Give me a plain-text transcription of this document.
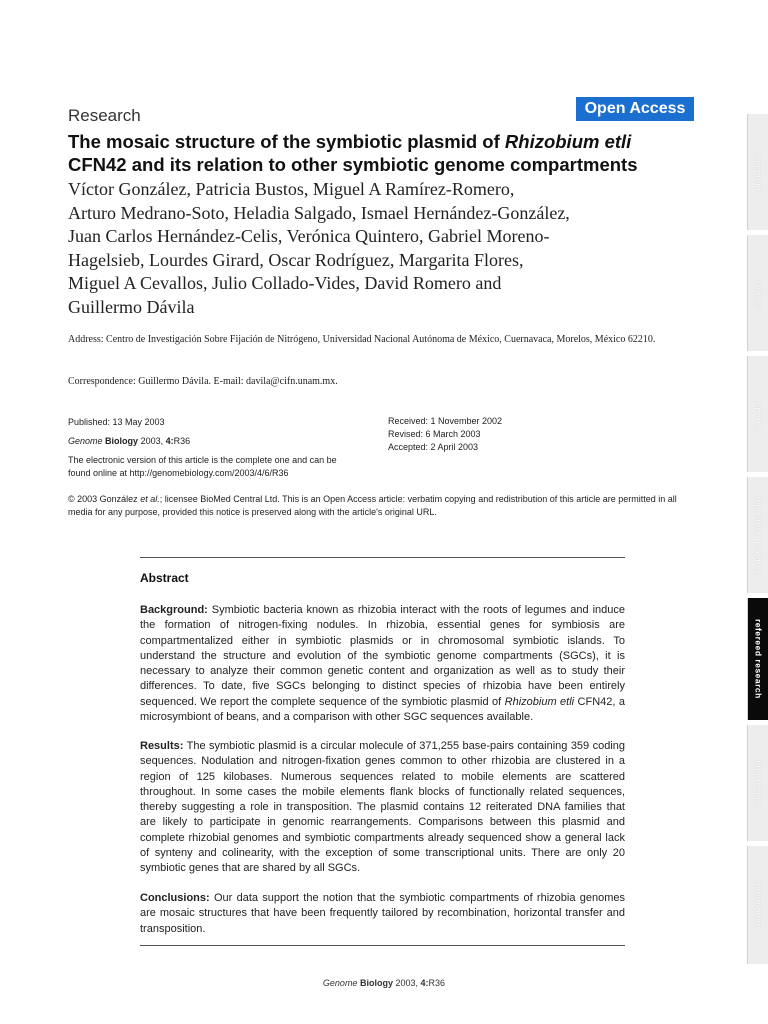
Research	Open Access
The mosaic structure of the symbiotic plasmid of Rhizobium etli
CFN42 and its relation to other symbiotic genome compartments
Víctor González, Patricia Bustos, Miguel A Ramírez-Romero,
Arturo Medrano-Soto, Heladia Salgado, Ismael Hernández-González,
Juan Carlos Hernández-Celis, Verónica Quintero, Gabriel Moreno-
Hagelsieb, Lourdes Girard, Oscar Rodríguez, Margarita Flores,
Miguel A Cevallos, Julio Collado-Vides, David Romero and
Guillermo Dávila
Address: Centro de Investigación Sobre Fijación de Nitrógeno, Universidad Nacional Autónoma de México, Cuernavaca, Morelos, México 62210.
Correspondence: Guillermo Dávila. E-mail: davila@cifn.unam.mx.
Published: 13 May 2003
Genome Biology 2003, 4:R36
The electronic version of this article is the complete one and can be
found online at http://genomebiology.com/2003/4/6/R36
Received: 1 November 2002
Revised: 6 March 2003
Accepted: 2 April 2003
© 2003 González et al.; licensee BioMed Central Ltd. This is an Open Access article: verbatim copying and redistribution of this article are permitted in all
media for any purpose, provided this notice is preserved along with the article's original URL.
Abstract
Background: Symbiotic bacteria known as rhizobia interact with the roots of legumes and induce
the formation of nitrogen-fixing nodules. In rhizobia, essential genes for symbiosis are
compartmentalized either in symbiotic plasmids or in chromosomal symbiotic islands. To
understand the structure and evolution of the symbiotic genome compartments (SGCs), it is
necessary to analyze their common genetic content and organization as well as to study their
differences. To date, five SGCs belonging to distinct species of rhizobia have been entirely
sequenced. We report the complete sequence of the symbiotic plasmid of Rhizobium etli CFN42, a
microsymbiont of beans, and a comparison with other SGC sequences available.
Results: The symbiotic plasmid is a circular molecule of 371,255 base-pairs containing 359 coding
sequences. Nodulation and nitrogen-fixation genes common to other rhizobia are clustered in a
region of 125 kilobases. Numerous sequences related to mobile elements are scattered
throughout. In some cases the mobile elements flank blocks of functionally related sequences,
thereby suggesting a role in transposition. The plasmid contains 12 reiterated DNA families that
are likely to participate in genomic rearrangements. Comparisons between this plasmid and
complete rhizobial genomes and symbiotic compartments already sequenced show a general lack
of synteny and colinearity, with the exception of some transcriptional units. There are only 20
symbiotic genes that are shared by all SGCs.
Conclusions: Our data support the notion that the symbiotic compartments of rhizobia genomes
are mosaic structures that have been frequently tailored by recombination, horizontal transfer and
transposition.
Genome Biology 2003, 4:R36
comment
reviews
reports
deposited research
refereed research
interactions
information
